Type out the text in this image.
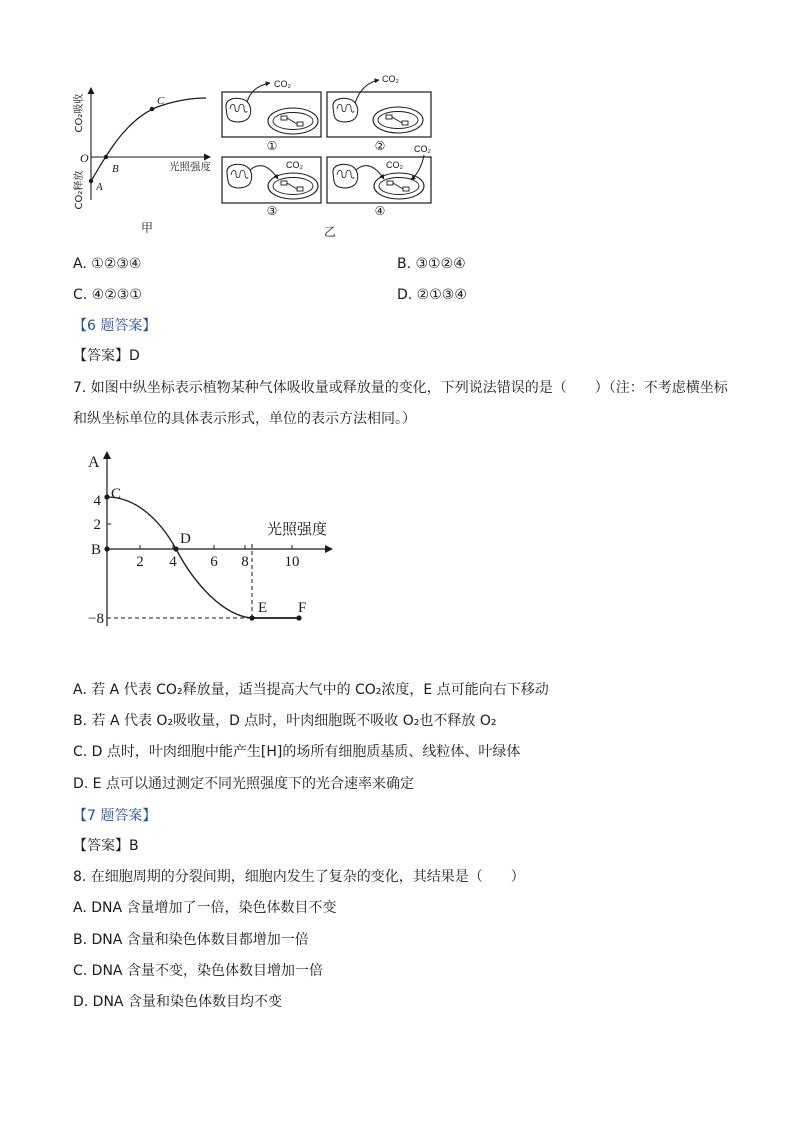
O
A
B
C
光照强度
CO₂吸收
CO₂释放
甲
CO₂
①
CO₂
②
CO₂
③
CO₂
CO₂
④
乙
A. ①②③④	B. ③①②④
C. ④②③①	D. ②①③④
【6 题答案】
【答案】D
7. 如图中纵坐标表示植物某种气体吸收量或释放量的变化，下列说法错误的是（　　）（注：不考虑横坐标
和纵坐标单位的具体表示形式，单位的表示方法相同。）
A
4
2
B
−8
2 4 6 8 10
光照强度
C
D
E F
A. 若 A 代表 CO₂释放量，适当提高大气中的 CO₂浓度，E 点可能向右下移动
B. 若 A 代表 O₂吸收量，D 点时，叶肉细胞既不吸收 O₂也不释放 O₂
C. D 点时，叶肉细胞中能产生[H]的场所有细胞质基质、线粒体、叶绿体
D. E 点可以通过测定不同光照强度下的光合速率来确定
【7 题答案】
【答案】B
8. 在细胞周期的分裂间期，细胞内发生了复杂的变化，其结果是（　　）
A. DNA 含量增加了一倍，染色体数目不变
B. DNA 含量和染色体数目都增加一倍
C. DNA 含量不变，染色体数目增加一倍
D. DNA 含量和染色体数目均不变
